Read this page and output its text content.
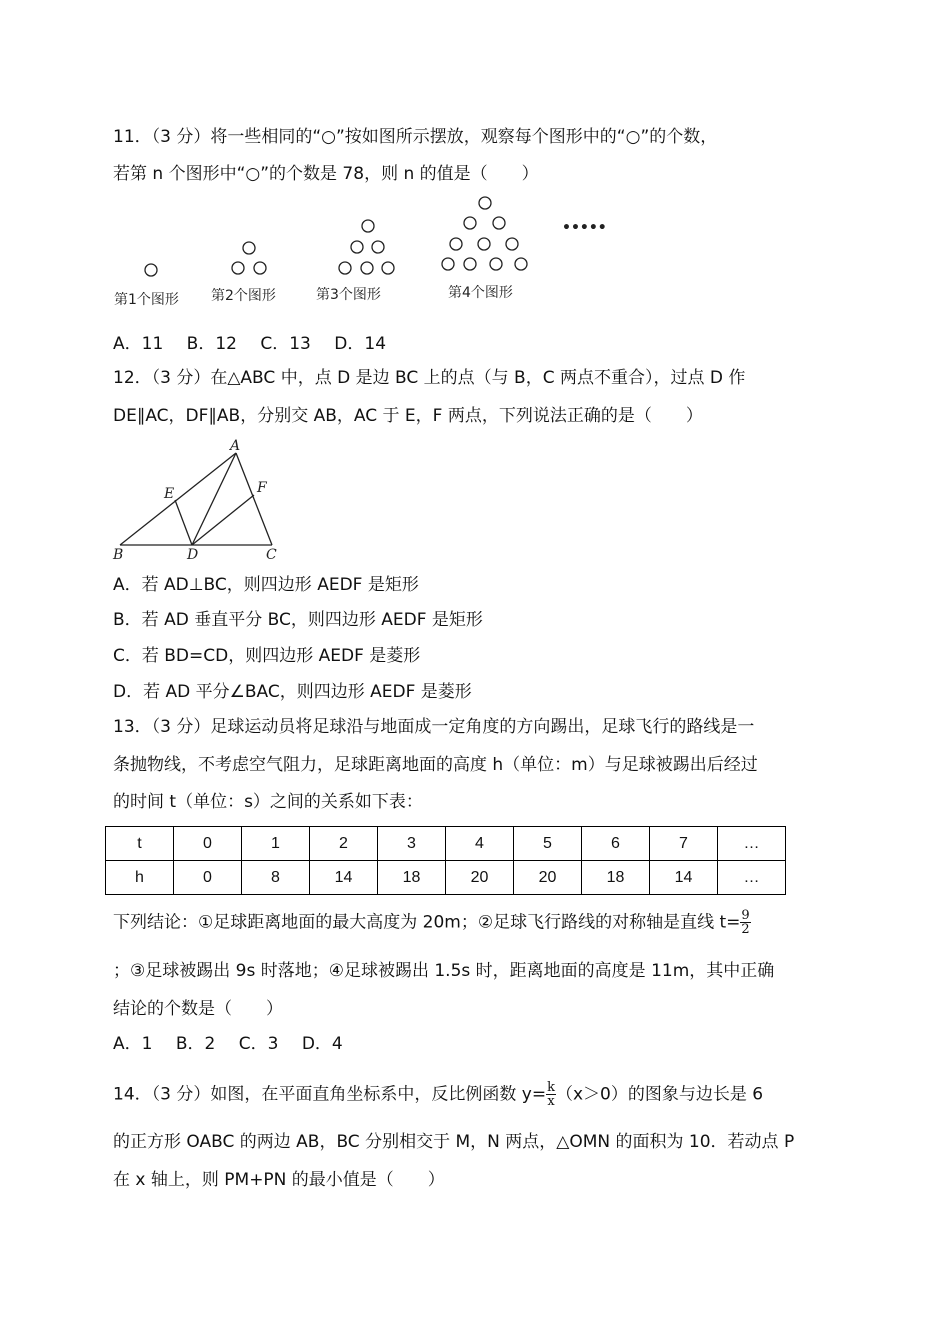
11．（3 分）将一些相同的“○”按如图所示摆放，观察每个图形中的“○”的个数，
若第 n 个图形中“○”的个数是 78，则 n 的值是（　　）
•••••
第1个图形 第2个图形	第3个图形	第4个图形
A．11 B．12 C．13 D．14
12．（3 分）在△ABC 中，点 D 是边 BC 上的点（与 B，C 两点不重合），过点 D 作
DE∥AC，DF∥AB，分别交 AB，AC 于 E，F 两点，下列说法正确的是（　　）
A
B	C
D
E	F
A．若 AD⊥BC，则四边形 AEDF 是矩形
B．若 AD 垂直平分 BC，则四边形 AEDF 是矩形
C．若 BD=CD，则四边形 AEDF 是菱形
D．若 AD 平分∠BAC，则四边形 AEDF 是菱形
13．（3 分）足球运动员将足球沿与地面成一定角度的方向踢出，足球飞行的路线是一
条抛物线，不考虑空气阻力，足球距离地面的高度 h（单位：m）与足球被踢出后经过
的时间 t（单位：s）之间的关系如下表：
t	0	1	2	3	4	5	6	7	…
h	0	8	14	18	20	20	18	14	…
下列结论：①足球距离地面的最大高度为 20m；②足球飞行路线的对称轴是直线 $t= \frac{9}{2}$
；③足球被踢出 9s 时落地；④足球被踢出 1.5s 时，距离地面的高度是 11m，其中正确
结论的个数是（　　）
A．1 B．2 C．3 D．4
14．（3 分）如图，在平面直角坐标系中，反比例函数 $y= \frac{k}{x} (x>0)$的图象与边长是 6
的正方形 OABC 的两边 AB，BC 分别相交于 M，N 两点，△OMN 的面积为 10．若动点 P
在 x 轴上，则 PM+PN 的最小值是（　　）
